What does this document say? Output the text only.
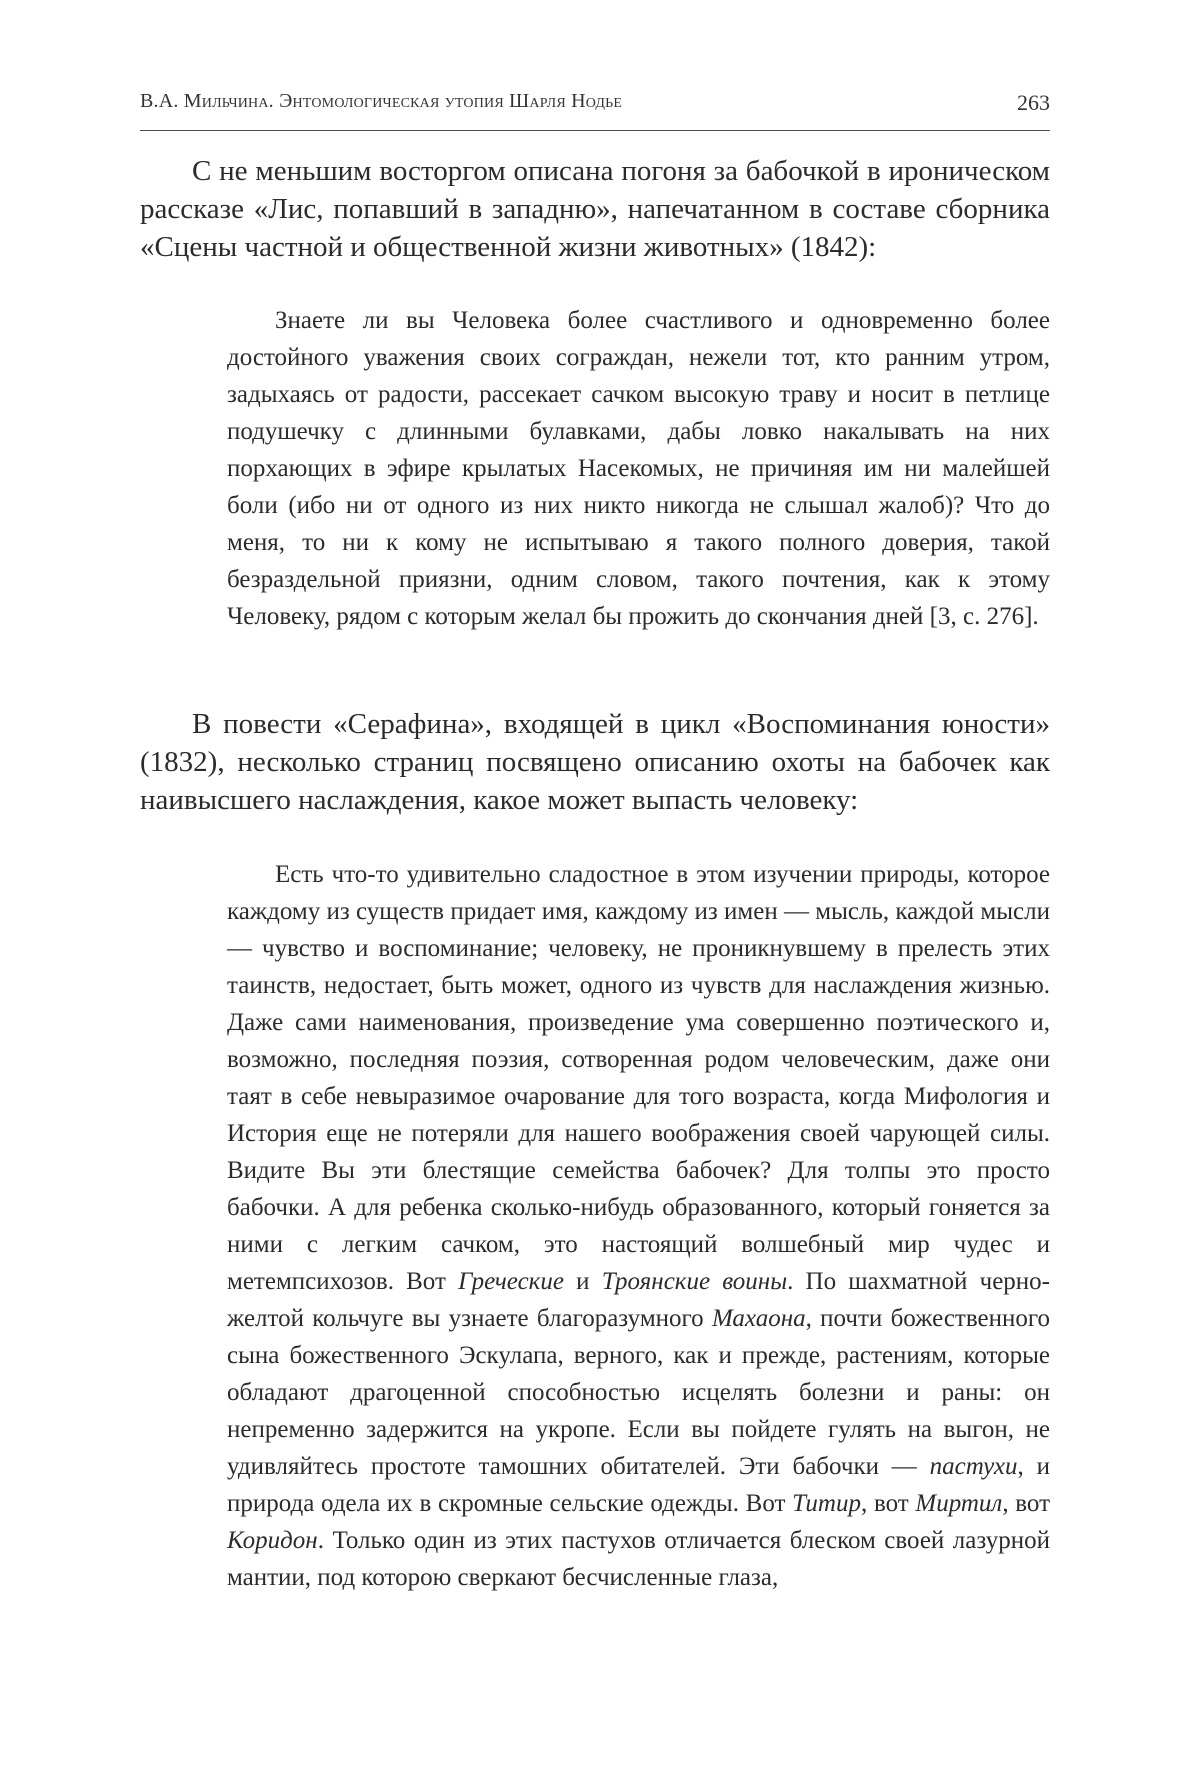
В.А. Мильчина. Энтомологическая утопия Шарля Нодье	263

С не меньшим восторгом описана погоня за бабочкой в ироническом рассказе «Лис, попавший в западню», напечатанном в составе сборника «Сцены частной и общественной жизни животных» (1842):

Знаете ли вы Человека более счастливого и одновременно более достойного уважения своих сограждан, нежели тот, кто ранним утром, задыхаясь от радости, рассекает сачком высокую траву и носит в петлице подушечку с длинными булавками, дабы ловко накалывать на них порхающих в эфире крылатых Насекомых, не причиняя им ни малейшей боли (ибо ни от одного из них никто никогда не слышал жалоб)? Что до меня, то ни к кому не испытываю я такого полного доверия, такой безраздельной приязни, одним словом, такого почтения, как к этому Человеку, рядом с которым желал бы прожить до скончания дней [3, с. 276].

В повести «Серафина», входящей в цикл «Воспоминания юности» (1832), несколько страниц посвящено описанию охоты на бабочек как наивысшего наслаждения, какое может выпасть человеку:

Есть что-то удивительно сладостное в этом изучении природы, которое каждому из существ придает имя, каждому из имен — мысль, каждой мысли — чувство и воспоминание; человеку, не проникнувшему в прелесть этих таинств, недостает, быть может, одного из чувств для наслаждения жизнью. Даже сами наименования, произведение ума совершенно поэтического и, возможно, последняя поэзия, сотворенная родом человеческим, даже они таят в себе невыразимое очарование для того возраста, когда Мифология и История еще не потеряли для нашего воображения своей чарующей силы. Видите Вы эти блестящие семейства бабочек? Для толпы это просто бабочки. А для ребенка сколько-нибудь образованного, который гоняется за ними с легким сачком, это настоящий волшебный мир чудес и метемпсихозов. Вот Греческие и Троянские воины. По шахматной черно-желтой кольчуге вы узнаете благоразумного Махаона, почти божественного сына божественного Эскулапа, верного, как и прежде, растениям, которые обладают драгоценной способностью исцелять болезни и раны: он непременно задержится на укропе. Если вы пойдете гулять на выгон, не удивляйтесь простоте тамошних обитателей. Эти бабочки — пастухи, и природа одела их в скромные сельские одежды. Вот Титир, вот Миртил, вот Коридон. Только один из этих пастухов отличается блеском своей лазурной мантии, под которою сверкают бесчисленные глаза,
